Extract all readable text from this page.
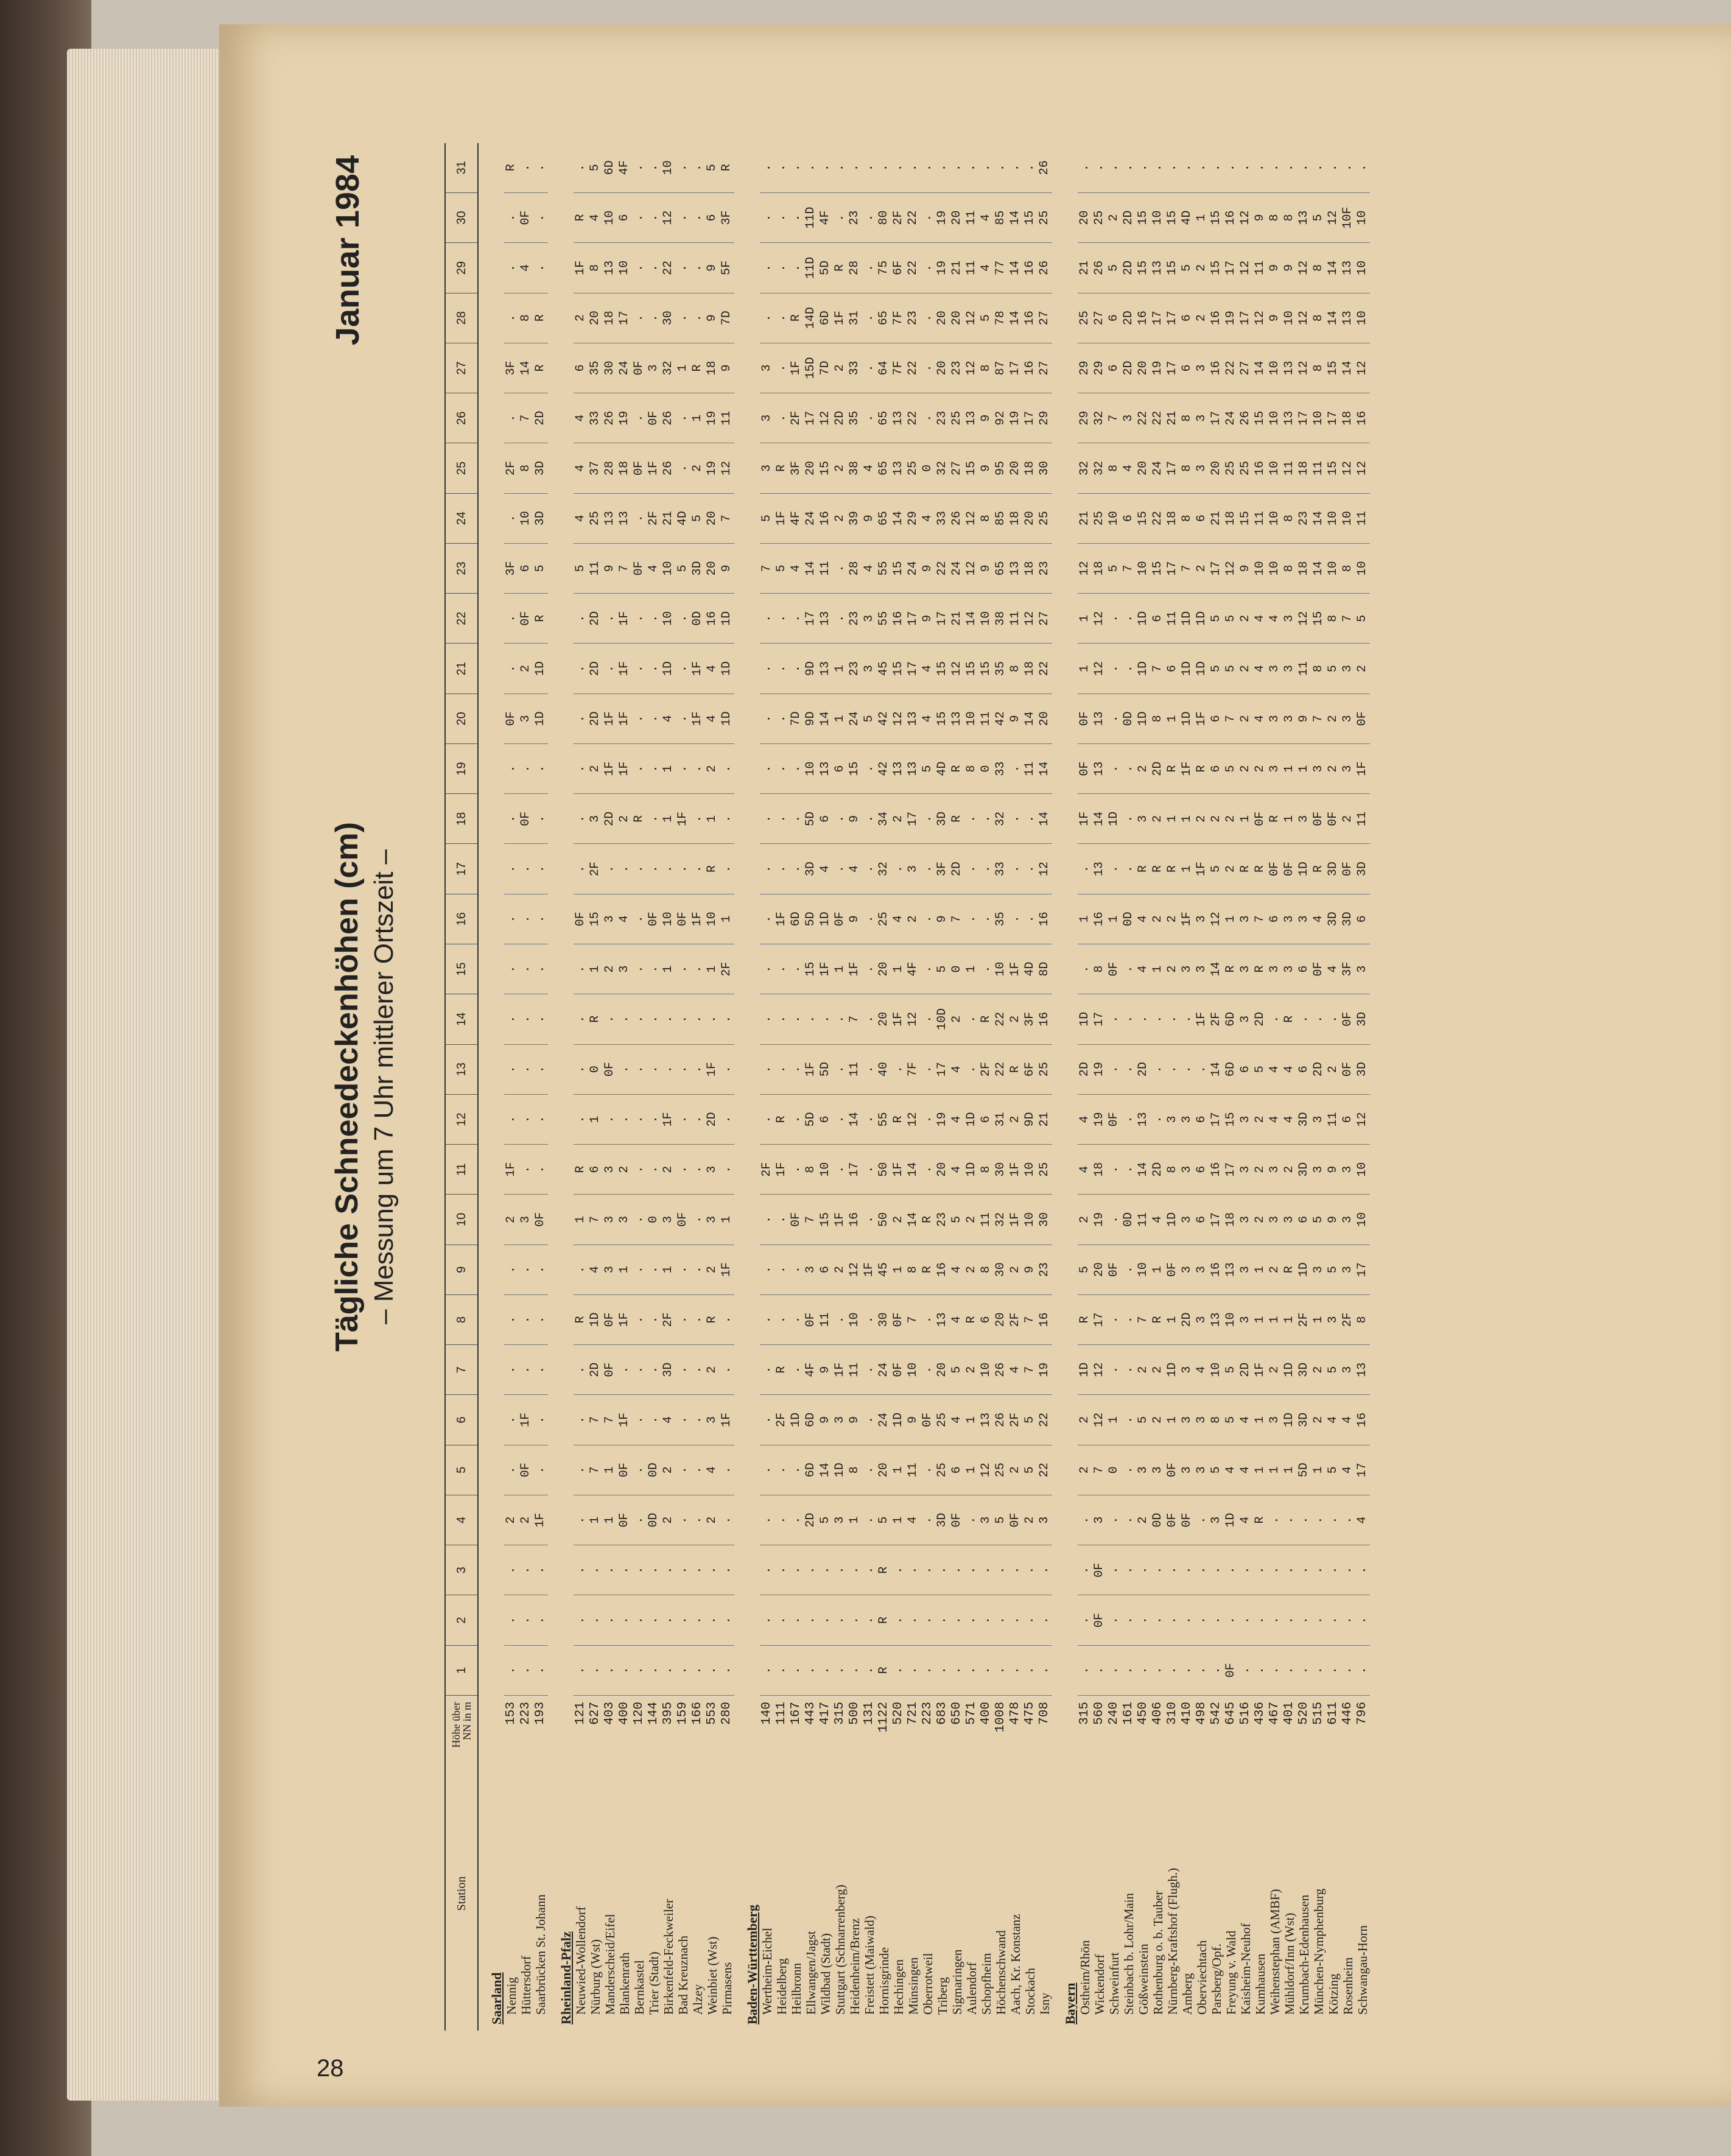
28
Tägliche Schneedeckenhöhen (cm) – Messung um 7 Uhr mittlerer Ortszeit –
Januar 1984
Station
Höhe über NN in m
1
2
3
4
5
6
7
8
9
10
11
12
13
14
15
16
17
18
19
20
21
22
23
24
25
26
27
28
29
30
31
Saarland Nennig
153
.
.
.
2
.
.
.
.
.
2
1F
.
.
.
.
.
.
.
.
0F
.
.
3F
.
2F
.
3F
.
.
.
R
Hüttersdorf
223
.
.
.
2
0F
1F
.
.
.
3
.
.
.
.
.
.
.
0F
.
3
2
0F
6
10
8
7
14
8
4
0F
.
Saarbrücken St. Johann
193
.
.
.
1F
.
.
.
.
.
0F
.
.
.
.
.
.
.
.
.
1D
1D
R
5
3D
3D
2D
R
R
.
.
.
Rheinland-Pfalz Neuwied-Wollendorf
121
.
.
.
.
.
.
.
R
.
1
R
.
.
.
.
0F
.
.
.
.
.
.
5
4
4
4
6
2
1F
R
.
Nürburg (Wst)
627
.
.
.
1
7
7
2D
1D
4
7
6
1
0
R
1
15
2F
3
2
2D
2D
2D
11
25
37
33
35
20
8
4
5
Manderscheid/Eifel
403
.
.
.
1
1
7
0F
0F
3
3
3
.
0F
.
2
3
.
2D
1F
1F
.
.
9
13
28
26
30
18
13
10
6D
Blankenrath
400
.
.
.
0F
0F
1F
.
1F
1
3
2
.
.
.
3
4
.
2
1F
1F
1F
1F
7
13
18
19
24
17
10
6
4F
Bernkastel
120
.
.
.
.
.
.
.
.
.
.
.
.
.
.
.
.
.
R
.
.
.
.
0F
.
0F
.
0F
.
.
.
.
Trier (Stadt)
144
.
.
.
0D
0D
.
.
.
.
0
.
.
.
.
.
0F
.
.
.
.
.
.
4
2F
1F
0F
3
.
.
.
.
Birkenfeld-Feckweiler
395
.
.
.
2
2
4
3D
2F
1
3
2
1F
.
.
1
10
.
1
1
4
1D
10
10
21
26
26
32
30
22
12
10
Bad Kreuznach
159
.
.
.
.
.
.
.
.
.
0F
.
.
.
.
.
0F
.
1F
.
.
.
.
5
4D
.
.
1
.
.
.
.
Alzey
166
.
.
.
.
.
.
.
.
.
.
.
.
.
.
.
1F
.
.
.
1F
1F
0D
3D
5
2
1
R
.
.
.
.
Weinbiet (Wst)
553
.
.
.
2
4
3
2
R
2
3
3
2D
1F
.
1
10
R
1
2
4
4
16
20
20
19
19
18
9
9
6
5
Pirmasens
280
.
.
.
.
.
1F
.
.
1F
1
.
.
.
.
2F
1
.
.
.
1D
1D
1D
9
7
12
11
9
7D
5F
3F
R
Baden-Württemberg Wertheim-Eichel
140
.
.
.
.
.
.
.
.
.
.
2F
.
.
.
.
.
.
.
.
.
.
.
7
5
3
3
3
.
.
.
.
Heidelberg
111
.
.
.
.
.
2F
R
.
.
.
1F
R
.
.
.
1F
.
.
.
.
.
.
5
1F
R
.
.
.
.
.
.
Heilbronn
167
.
.
.
.
.
1D
.
.
.
0F
.
.
.
.
.
6D
.
.
.
7D
.
.
4
4F
3F
2F
1F
R
.
.
.
Ellwangen/Jagst
443
.
.
.
2D
6D
6D
4F
0F
3
7
8
5D
1F
.
15
5D
3D
5D
10
9D
9D
17
14
24
20
17
15D
14D
11D
11D
.
Wildbad (Stadt)
417
.
.
.
5
14
9
9
11
6
15
10
6
5D
.
1F
1D
4
6
13
14
13
13
11
16
15
12
7D
6D
5D
4F
.
Stuttgart (Schnarrenberg)
315
.
.
.
3
1D
3
1F
.
2
1F
.
.
.
.
1
0F
.
.
6
1
1
.
.
2
2
2D
2
1F
R
.
.
Heidenheim/Brenz
500
.
.
.
1
8
9
11
10
12
16
17
14
11
7
1F
9
4
9
15
24
23
23
28
39
38
35
33
31
28
23
.
Freistett (Maiwald)
131
.
.
.
.
.
.
.
.
1F
.
.
.
.
.
.
.
.
.
.
5
3
3
4
9
4
.
.
.
.
.
.
Hornisgrinde
1122
R
R
R
5
20
24
24
30
45
50
50
55
40
20
20
25
32
34
42
42
45
55
55
65
65
65
64
65
75
80
.
Hechingen
520
.
.
.
1
1
1D
0F
0F
1
2
1F
R
.
1F
1
4
.
2
13
12
15
16
15
14
13
13
7F
7F
6F
2F
.
Münsingen
721
.
.
.
4
11
9
10
7
8
14
14
12
7F
12
4F
2
3
17
13
13
17
17
24
29
25
22
22
23
22
22
.
Oberrotweil
223
.
.
.
.
.
0F
.
.
R
R
.
.
.
.
.
.
.
.
5
4
4
9
9
4
0
.
.
.
.
.
.
Triberg
683
.
.
.
3D
25
25
20
13
16
23
20
19
17
10D
5
9
3F
3D
4D
15
15
17
22
33
32
23
20
20
19
19
.
Sigmaringen
650
.
.
.
0F
6
4
5
4
4
5
4
4
4
2
0
7
2D
R
R
13
12
21
24
26
27
25
23
20
21
20
.
Aulendorf
571
.
.
.
.
1
1
2
R
2
2
1D
1D
.
.
1
.
.
.
8
10
15
14
12
12
15
13
12
12
11
11
.
Schopfheim
400
.
.
.
3
12
13
10
6
8
11
8
6
2F
R
.
.
.
.
0
11
15
10
9
8
9
9
8
5
4
4
.
Höchenschwand
1008
.
.
.
5
25
26
26
20
30
32
30
31
22
22
10
35
33
32
33
42
35
38
65
85
95
92
87
78
77
85
.
Aach, Kr. Konstanz
478
.
.
.
0F
2
2F
4
2F
2
1F
1F
2
R
2
1F
.
.
.
.
9
8
11
13
18
20
19
17
14
14
14
.
Stockach
475
.
.
.
2
5
5
7
7
9
10
10
9D
6F
3F
4D
.
.
.
11
14
18
12
18
20
18
17
16
16
16
15
.
Isny
708
.
.
.
3
22
22
19
16
23
30
25
21
25
16
8D
16
12
14
14
20
22
27
23
25
30
29
27
27
26
25
26
Bayern Ostheim/Rhön
315
.
.
.
.
2
2
1D
R
5
2
4
4
2D
1D
.
1
.
1F
0F
0F
1
1
12
21
32
29
29
25
21
20
.
Wickendorf
560
.
0F
0F
3
7
12
12
17
20
19
18
19
19
17
8
16
13
14
13
13
12
12
18
25
32
32
29
27
26
25
.
Schweinfurt
240
.
.
.
.
0
1
.
.
0F
.
.
0F
.
.
0F
1
.
1D
.
.
.
.
5
10
8
7
6
6
5
2
.
Steinbach b. Lohr/Main
161
.
.
.
.
.
.
.
.
.
0D
.
.
.
.
.
0D
.
.
.
0D
.
.
7
6
4
3
2D
2D
2D
2D
.
Gößweinstein
450
.
.
.
2
3
5
2
7
10
11
14
13
2D
.
4
4
R
3
2
1D
1D
1D
10
15
20
22
20
16
15
15
.
Rothenburg o. b. Tauber
406
.
.
.
0D
3
2
2
R
1
4
2D
.
.
.
1
2
R
2
2D
8
7
6
15
22
24
22
19
17
13
10
.
Nürnberg-Kraftshof (Flugh.)
310
.
.
.
0F
0F
1
1D
1
0F
1D
8
3
.
.
2
2
R
1
R
1
6
11
17
18
17
21
17
17
15
15
.
Amberg
410
.
.
.
0F
3
3
3
2D
3
3
3
3
.
.
3
1F
1
1
1F
1D
1D
1D
7
8
8
8
6
6
5
4D
.
Oberviechtach
498
.
.
.
.
3
3
4
3
3
6
6
6
.
1F
3
3
1F
2
R
1F
1D
1D
2
6
3
3
3
2
2
1
.
Parsberg/Opf.
542
.
.
.
3
5
8
10
13
16
17
16
17
14
2F
14
12
5
2
6
6
5
5
17
21
20
17
16
16
15
15
.
Freyung v. Wald
645
0F
.
.
1D
4
5
5
10
13
18
17
15
6D
6D
R
1
2
2
5
7
5
5
12
18
25
24
22
19
17
16
.
Kaisheim-Neuhof
516
.
.
.
4
4
4
2D
3
3
3
3
3
6
3
3
3
R
1
2
2
2
2
9
15
25
26
27
17
12
12
.
Kumhausen
436
.
.
.
R
1
1
1F
1
1
2
2
2
5
2D
R
7
R
0F
2
4
4
4
10
11
16
15
14
12
11
9
.
Weihenstephan (AMBF)
467
.
.
.
.
1
3
2
1
2
3
3
4
4
.
3
6
0F
R
3
3
3
4
10
10
10
10
10
9
9
8
.
Mühldorf/Inn (Wst)
401
.
.
.
.
1
1D
1D
1
R
3
2
4
4
R
3
3
0F
1
1
3
3
3
8
8
11
13
13
10
9
8
.
Krumbach-Edenhausen
520
.
.
.
.
5D
3D
3D
2F
1D
6
3D
3D
6
.
6
3
1D
3
1
9
11
12
18
23
18
17
12
12
12
13
.
München-Nymphenburg
515
.
.
.
.
1
2
2
1
3
5
3
3
2D
.
0F
4
R
0F
3
7
8
15
14
14
11
10
8
8
8
5
.
Kötzing
611
.
.
.
.
5
4
5
3
5
9
9
11
2
.
4
3D
3D
0F
2
2
5
8
10
10
15
17
15
14
14
12
.
Rosenheim
446
.
.
.
.
4
4
3
2F
3
3
3
6
0F
0F
3F
3D
0F
2
3
3
3
7
8
10
12
18
14
13
13
10F
.
Schwangau-Horn
796
.
.
.
4
17
16
13
8
17
10
10
12
3D
3D
3
6
3D
11
1F
0F
2
5
10
11
12
16
12
10
10
10
.
